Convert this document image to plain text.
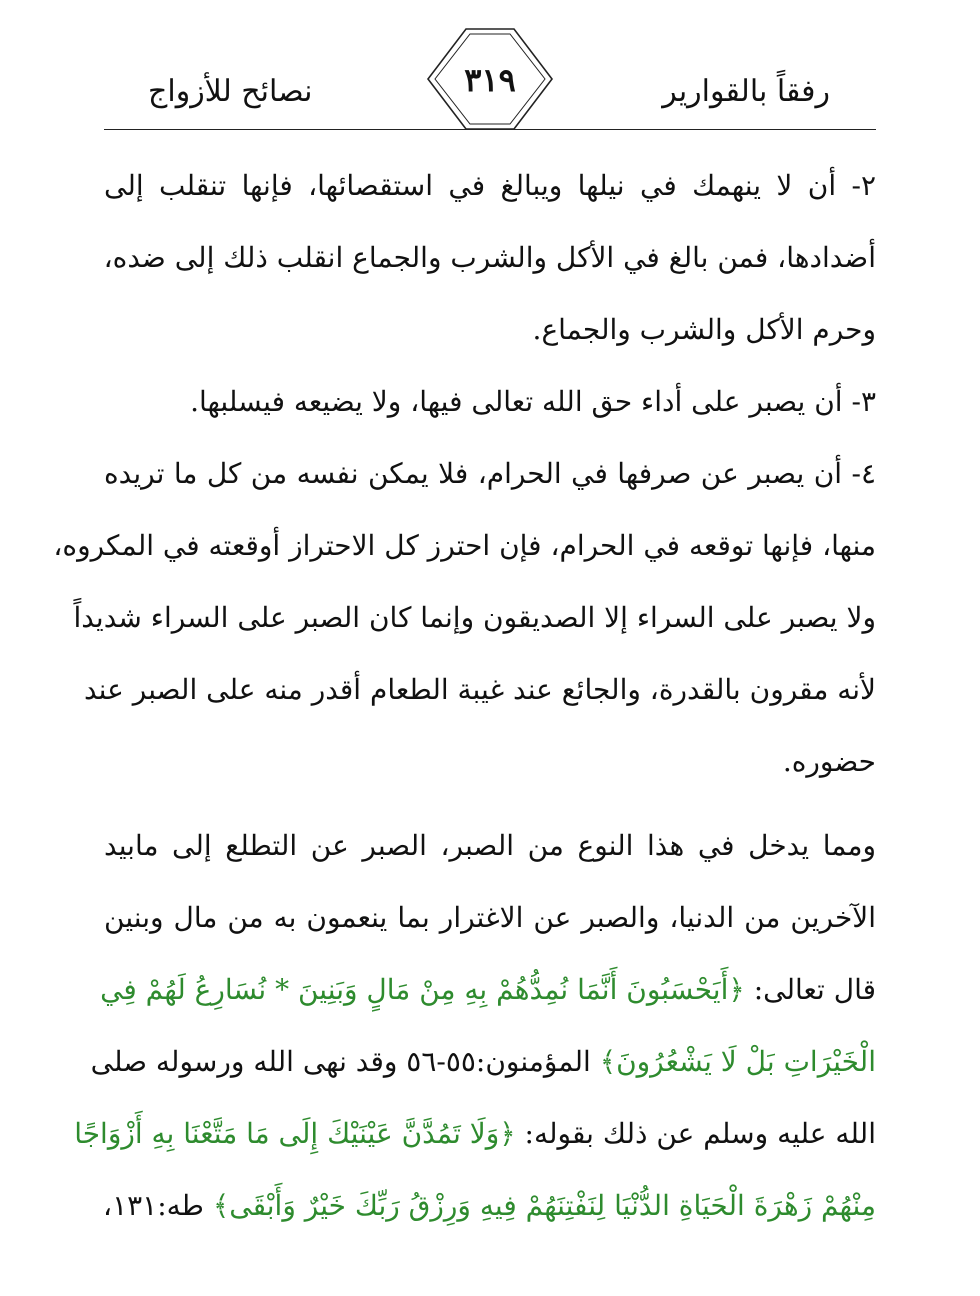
رفقاً بالقوارير
٣١٩
نصائح للأزواج
٢- أن لا ينهمك في نيلها ويبالغ في استقصائها، فإنها تنقلب إلى
أضدادها، فمن بالغ في الأكل والشرب والجماع انقلب ذلك إلى ضده،
وحرم الأكل والشرب والجماع.
٣- أن يصبر على أداء حق الله تعالى فيها، ولا يضيعه فيسلبها.
٤- أن يصبر عن صرفها في الحرام، فلا يمكن نفسه من كل ما تريده
منها، فإنها توقعه في الحرام، فإن احترز كل الاحتراز أوقعته في المكروه،
ولا يصبر على السراء إلا الصديقون وإنما كان الصبر على السراء شديداً
لأنه مقرون بالقدرة، والجائع عند غيبة الطعام أقدر منه على الصبر عند
حضوره.
ومما يدخل في هذا النوع من الصبر، الصبر عن التطلع إلى مابيد
الآخرين من الدنيا، والصبر عن الاغترار بما ينعمون به من مال وبنين
قال تعالى: ﴿أَيَحْسَبُونَ أَنَّمَا نُمِدُّهُمْ بِهِ مِنْ مَالٍ وَبَنِينَ * نُسَارِعُ لَهُمْ فِي
الْخَيْرَاتِ بَلْ لَا يَشْعُرُونَ﴾ المؤمنون:٥٥-٥٦ وقد نهى الله ورسوله صلى
الله عليه وسلم عن ذلك بقوله: ﴿وَلَا تَمُدَّنَّ عَيْنَيْكَ إِلَى مَا مَتَّعْنَا بِهِ أَزْوَاجًا
مِنْهُمْ زَهْرَةَ الْحَيَاةِ الدُّنْيَا لِنَفْتِنَهُمْ فِيهِ وَرِزْقُ رَبِّكَ خَيْرٌ وَأَبْقَى﴾ طه:١٣١،
